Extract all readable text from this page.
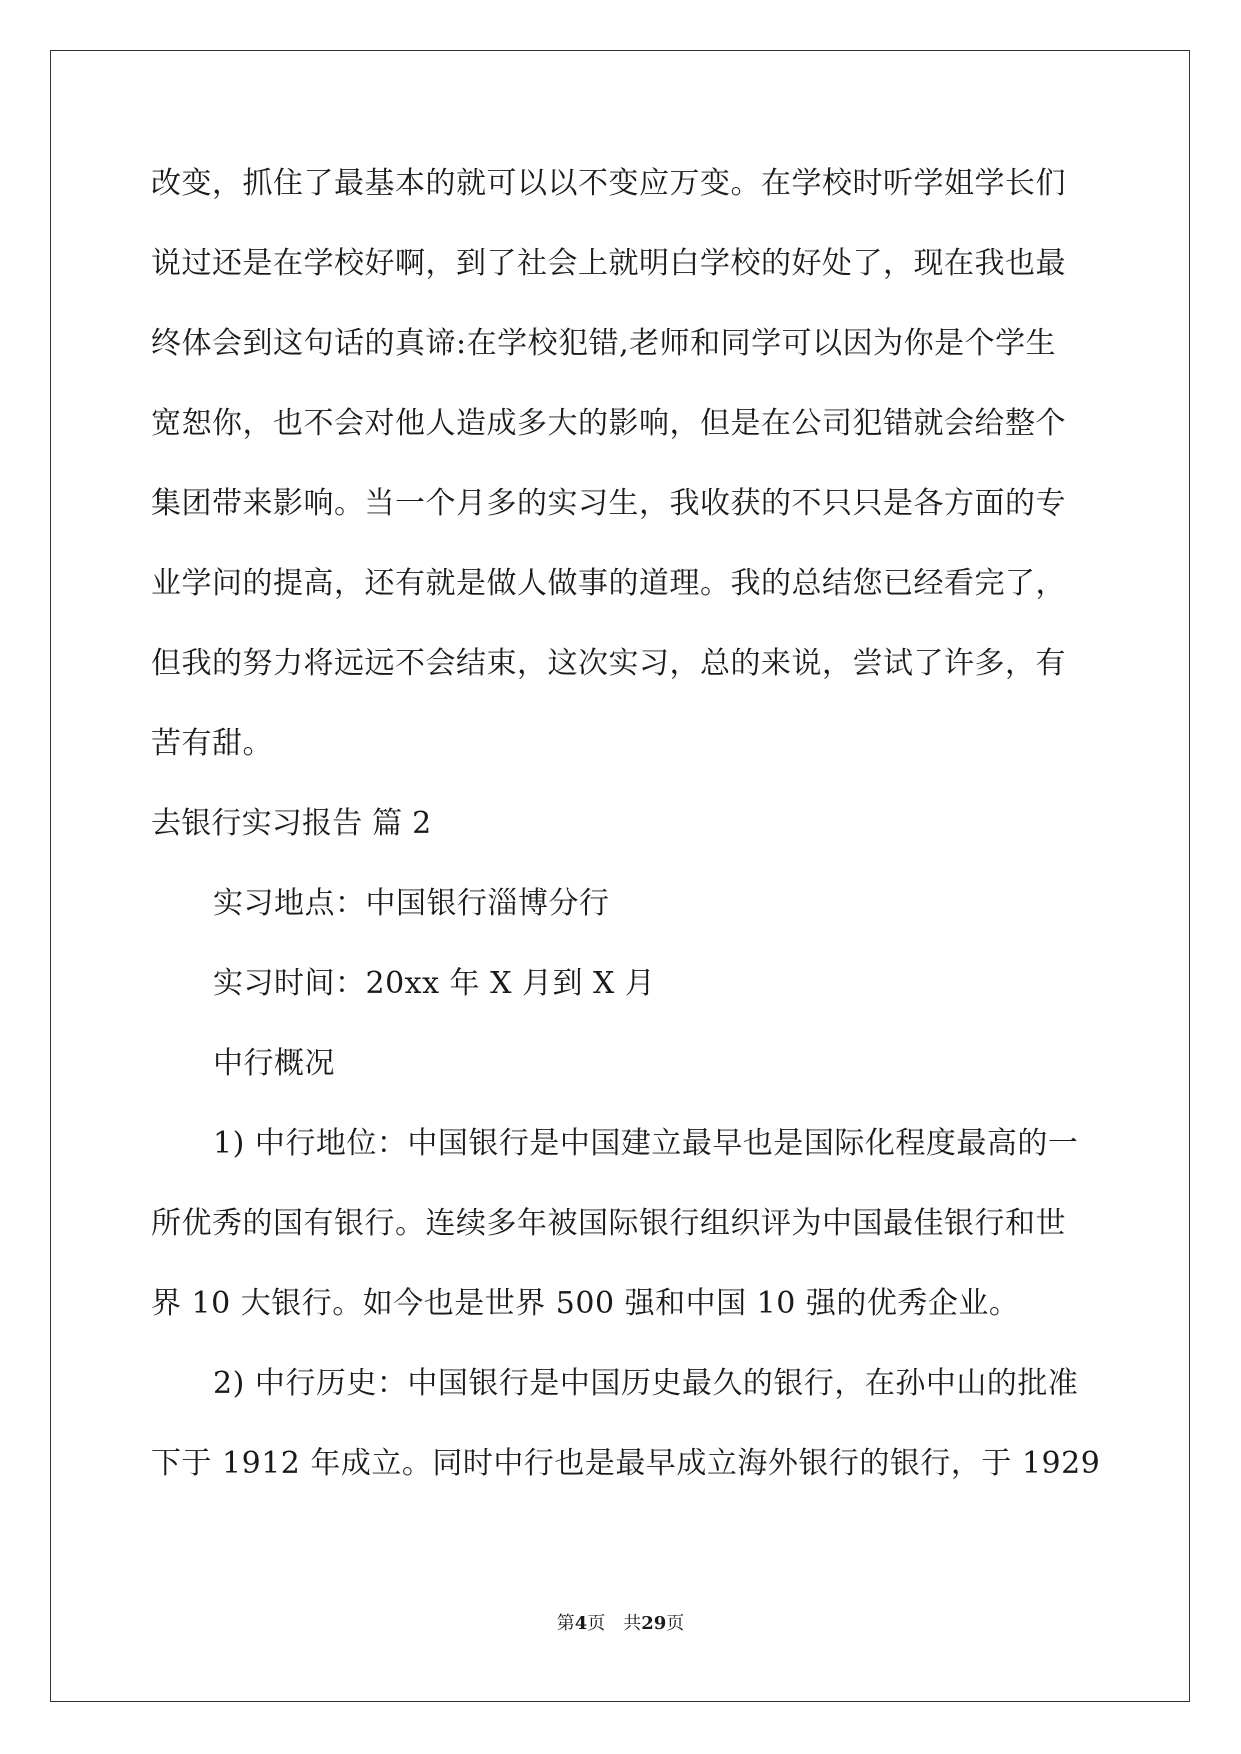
改变，抓住了最基本的就可以以不变应万变。在学校时听学姐学长们
说过还是在学校好啊，到了社会上就明白学校的好处了，现在我也最
终体会到这句话的真谛:在学校犯错,老师和同学可以因为你是个学生
宽恕你，也不会对他人造成多大的影响，但是在公司犯错就会给整个
集团带来影响。当一个月多的实习生，我收获的不只只是各方面的专
业学问的提高，还有就是做人做事的道理。我的总结您已经看完了，
但我的努力将远远不会结束，这次实习，总的来说，尝试了许多，有
苦有甜。
去银行实习报告 篇 2
实习地点：中国银行淄博分行
实习时间：20xx 年 X 月到 X 月
中行概况
1) 中行地位：中国银行是中国建立最早也是国际化程度最高的一
所优秀的国有银行。连续多年被国际银行组织评为中国最佳银行和世
界 10 大银行。如今也是世界 500 强和中国 10 强的优秀企业。
2) 中行历史：中国银行是中国历史最久的银行，在孙中山的批准
下于 1912 年成立。同时中行也是最早成立海外银行的银行，于 1929
第4页 共29页
